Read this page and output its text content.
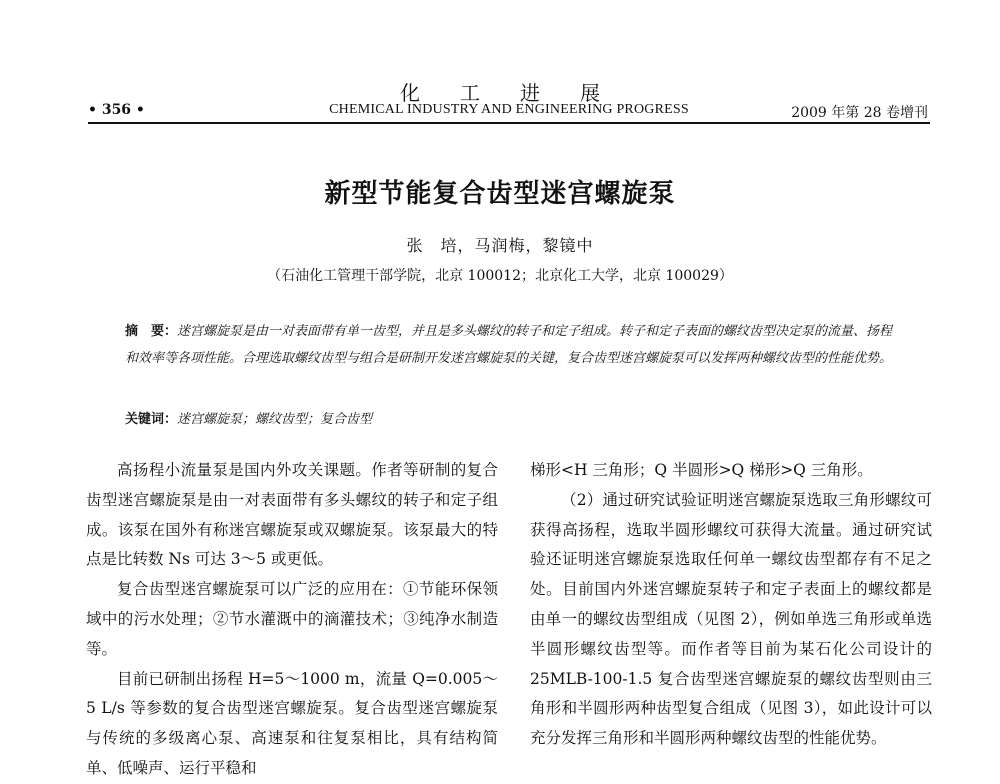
化工进展
• 356 •	CHEMICAL INDUSTRY AND ENGINEERING PROGRESS	2009 年第 28 卷增刊
新型节能复合齿型迷宫螺旋泵
张　培，马润梅，黎镜中
（石油化工管理干部学院，北京 100012；北京化工大学，北京 100029）
摘　要：迷宫螺旋泵是由一对表面带有单一齿型，并且是多头螺纹的转子和定子组成。转子和定子表面的螺纹齿型决定泵的流量、扬程和效率等各项性能。合理选取螺纹齿型与组合是研制开发迷宫螺旋泵的关键，复合齿型迷宫螺旋泵可以发挥两种螺纹齿型的性能优势。
关键词：迷宫螺旋泵；螺纹齿型；复合齿型

高扬程小流量泵是国内外攻关课题。作者等研制的复合齿型迷宫螺旋泵是由一对表面带有多头螺纹的转子和定子组成。该泵在国外有称迷宫螺旋泵或双螺旋泵。该泵最大的特点是比转数 Ns 可达 3～5 或更低。

复合齿型迷宫螺旋泵可以广泛的应用在：①节能环保领域中的污水处理；②节水灌溉中的滴灌技术；③纯净水制造等。

目前已研制出扬程 H=5～1000 m，流量 Q=0.005～5 L/s 等参数的复合齿型迷宫螺旋泵。复合齿型迷宫螺旋泵与传统的多级离心泵、高速泵和往复泵相比，具有结构简单、低噪声、运行平稳和

梯形<H 三角形；Q 半圆形>Q 梯形>Q 三角形。

（2）通过研究试验证明迷宫螺旋泵选取三角形螺纹可获得高扬程，选取半圆形螺纹可获得大流量。通过研究试验还证明迷宫螺旋泵选取任何单一螺纹齿型都存有不足之处。目前国内外迷宫螺旋泵转子和定子表面上的螺纹都是由单一的螺纹齿型组成（见图 2），例如单选三角形或单选半圆形螺纹齿型等。而作者等目前为某石化公司设计的 25MLB-100-1.5 复合齿型迷宫螺旋泵的螺纹齿型则由三角形和半圆形两种齿型复合组成（见图 3），如此设计可以充分发挥三角形和半圆形两种螺纹齿型的性能优势。
